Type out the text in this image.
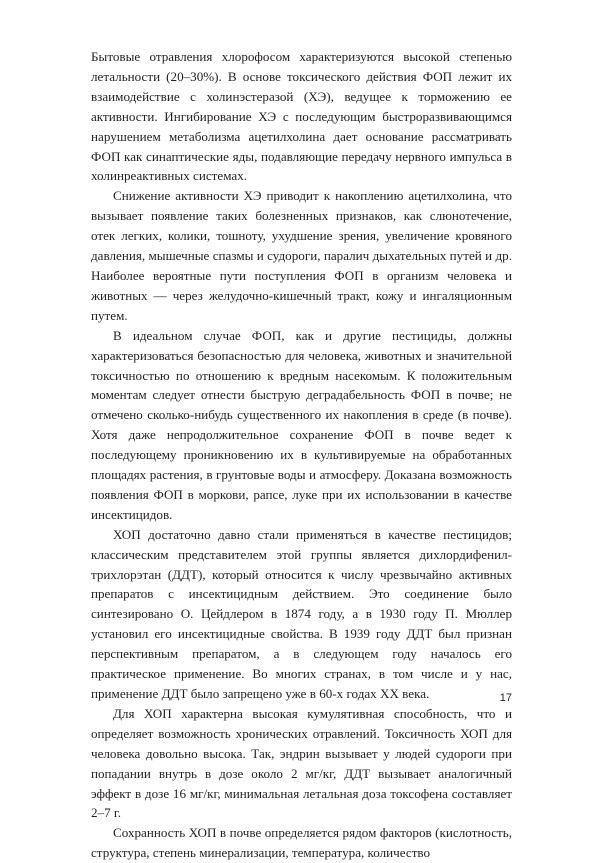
Бытовые отравления хлорофосом характеризуются высокой степенью летальности (20–30%). В основе токсического действия ФОП лежит их взаимодействие с холинэстеразой (ХЭ), ведущее к торможению ее активности. Ингибирование ХЭ с последующим быстроразвивающимся нарушением метаболизма ацетилхолина дает основание рассматривать ФОП как синаптические яды, подавляющие передачу нервного импульса в холинреактивных системах.

Снижение активности ХЭ приводит к накоплению ацетилхолина, что вызывает появление таких болезненных признаков, как слюнотечение, отек легких, колики, тошноту, ухудшение зрения, увеличение кровяного давления, мышечные спазмы и судороги, паралич дыхательных путей и др. Наиболее вероятные пути поступления ФОП в организм человека и животных — через желудочно-кишечный тракт, кожу и ингаляционным путем.

В идеальном случае ФОП, как и другие пестициды, должны характеризоваться безопасностью для человека, животных и значительной токсичностью по отношению к вредным насекомым. К положительным моментам следует отнести быструю деградабельность ФОП в почве; не отмечено сколько-нибудь существенного их накопления в среде (в почве). Хотя даже непродолжительное сохранение ФОП в почве ведет к последующему проникновению их в культивируемые на обработанных площадях растения, в грунтовые воды и атмосферу. Доказана возможность появления ФОП в моркови, рапсе, луке при их использовании в качестве инсектицидов.

ХОП достаточно давно стали применяться в качестве пестицидов; классическим представителем этой группы является дихлордифенилтрихлорэтан (ДДТ), который относится к числу чрезвычайно активных препаратов с инсектицидным действием. Это соединение было синтезировано О. Цейдлером в 1874 году, а в 1930 году П. Мюллер установил его инсектицидные свойства. В 1939 году ДДТ был признан перспективным препаратом, а в следующем году началось его практическое применение. Во многих странах, в том числе и у нас, применение ДДТ было запрещено уже в 60-х годах ХХ века.

Для ХОП характерна высокая кумулятивная способность, что и определяет возможность хронических отравлений. Токсичность ХОП для человека довольно высока. Так, эндрин вызывает у людей судороги при попадании внутрь в дозе около 2 мг/кг, ДДТ вызывает аналогичный эффект в дозе 16 мг/кг, минимальная летальная доза токсофена составляет 2–7 г.

Сохранность ХОП в почве определяется рядом факторов (кислотность, структура, степень минерализации, температура, количество

17
